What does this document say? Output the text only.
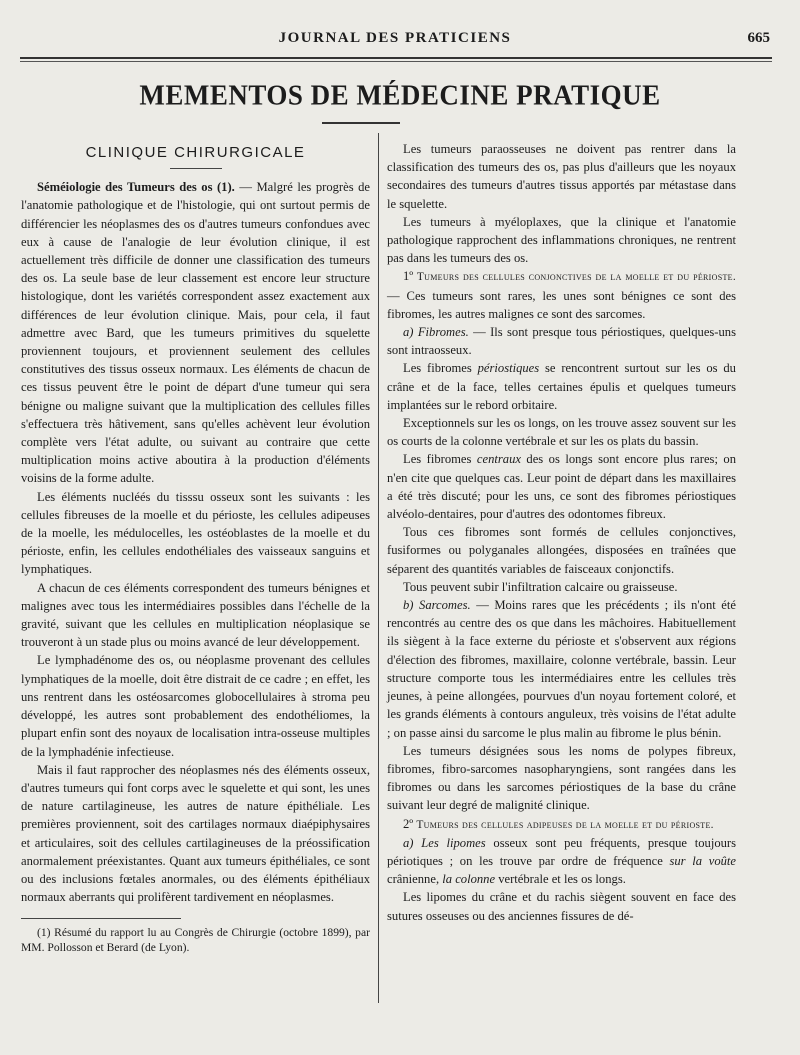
JOURNAL DES PRATICIENS	665
MEMENTOS DE MÉDECINE PRATIQUE
CLINIQUE CHIRURGICALE

Séméiologie des Tumeurs des os (1). — Malgré les progrès de l'anatomie pathologique et de l'histologie, qui ont surtout permis de différencier les néoplasmes des os d'autres tumeurs confondues avec eux à cause de l'analogie de leur évolution clinique, il est actuellement très difficile de donner une classification des tumeurs des os. La seule base de leur classement est encore leur structure histologique, dont les variétés correspondent assez exactement aux différences de leur évolution clinique. Mais, pour cela, il faut admettre avec Bard, que les tumeurs primitives du squelette proviennent toujours, et proviennent seulement des cellules constitutives des tissus osseux normaux. Les éléments de chacun de ces tissus peuvent être le point de départ d'une tumeur qui sera bénigne ou maligne suivant que la multiplication des cellules filles s'effectuera très hâtivement, sans qu'elles achèvent leur évolution complète vers l'état adulte, ou suivant au contraire que cette multiplication moins active aboutira à la production d'éléments voisins de la forme adulte.

Les éléments nucléés du tisssu osseux sont les suivants : les cellules fibreuses de la moelle et du périoste, les cellules adipeuses de la moelle, les médulocelles, les ostéoblastes de la moelle et du périoste, enfin, les cellules endothéliales des vaisseaux sanguins et lymphatiques.

A chacun de ces éléments correspondent des tumeurs bénignes et malignes avec tous les intermédiaires possibles dans l'échelle de la gravité, suivant que les cellules en multiplication néoplasique se trouveront à un stade plus ou moins avancé de leur développement.

Le lymphadénome des os, ou néoplasme provenant des cellules lymphatiques de la moelle, doit être distrait de ce cadre ; en effet, les uns rentrent dans les ostéosarcomes globocellulaires à stroma peu développé, les autres sont probablement des endothéliomes, la plupart enfin sont des noyaux de localisation intra-osseuse multiples de la lymphadénie infectieuse.

Mais il faut rapprocher des néoplasmes nés des éléments osseux, d'autres tumeurs qui font corps avec le squelette et qui sont, les unes de nature cartilagineuse, les autres de nature épithéliale. Les premières proviennent, soit des cartilages normaux diaépiphysaires et articulaires, soit des cellules cartilagineuses de la préossification anormalement préexistantes. Quant aux tumeurs épithéliales, ce sont ou des inclusions fœtales anormales, ou des éléments épithéliaux normaux aberrants qui prolifèrent tardivement en néoplasmes.

(1) Résumé du rapport lu au Congrès de Chirurgie (octobre 1899), par MM. Pollosson et Berard (de Lyon).

Les tumeurs paraosseuses ne doivent pas rentrer dans la classification des tumeurs des os, pas plus d'ailleurs que les noyaux secondaires des tumeurs d'autres tissus apportés par métastase dans le squelette.

Les tumeurs à myéloplaxes, que la clinique et l'anatomie pathologique rapprochent des inflammations chroniques, ne rentrent pas dans les tumeurs des os.

1º Tumeurs des cellules conjonctives de la moelle et du périoste. — Ces tumeurs sont rares, les unes sont bénignes ce sont des fibromes, les autres malignes ce sont des sarcomes.

a) Fibromes. — Ils sont presque tous périostiques, quelques-uns sont intraosseux.

Les fibromes périostiques se rencontrent surtout sur les os du crâne et de la face, telles certaines épulis et quelques tumeurs implantées sur le rebord orbitaire.

Exceptionnels sur les os longs, on les trouve assez souvent sur les os courts de la colonne vertébrale et sur les os plats du bassin.

Les fibromes centraux des os longs sont encore plus rares; on n'en cite que quelques cas. Leur point de départ dans les maxillaires a été très discuté; pour les uns, ce sont des fibromes périostiques alvéolo-dentaires, pour d'autres des odontomes fibreux.

Tous ces fibromes sont formés de cellules conjonctives, fusiformes ou polyganales allongées, disposées en traînées que séparent des quantités variables de faisceaux conjonctifs.

Tous peuvent subir l'infiltration calcaire ou graisseuse.

b) Sarcomes. — Moins rares que les précédents ; ils n'ont été rencontrés au centre des os que dans les mâchoires. Habituellement ils siègent à la face externe du périoste et s'observent aux régions d'élection des fibromes, maxillaire, colonne vertébrale, bassin. Leur structure comporte tous les intermédiaires entre les cellules très jeunes, à peine allongées, pourvues d'un noyau fortement coloré, et les grands éléments à contours anguleux, très voisins de l'état adulte ; on passe ainsi du sarcome le plus malin au fibrome le plus bénin.

Les tumeurs désignées sous les noms de polypes fibreux, fibromes, fibro-sarcomes nasopharyngiens, sont rangées dans les fibromes ou dans les sarcomes périostiques de la base du crâne suivant leur degré de malignité clinique.

2º Tumeurs des cellules adipeuses de la moelle et du périoste.

a) Les lipomes osseux sont peu fréquents, presque toujours périotiques ; on les trouve par ordre de fréquence sur la voûte crânienne, la colonne vertébrale et les os longs.

Les lipomes du crâne et du rachis siègent souvent en face des sutures osseuses ou des anciennes fissures de dé-
